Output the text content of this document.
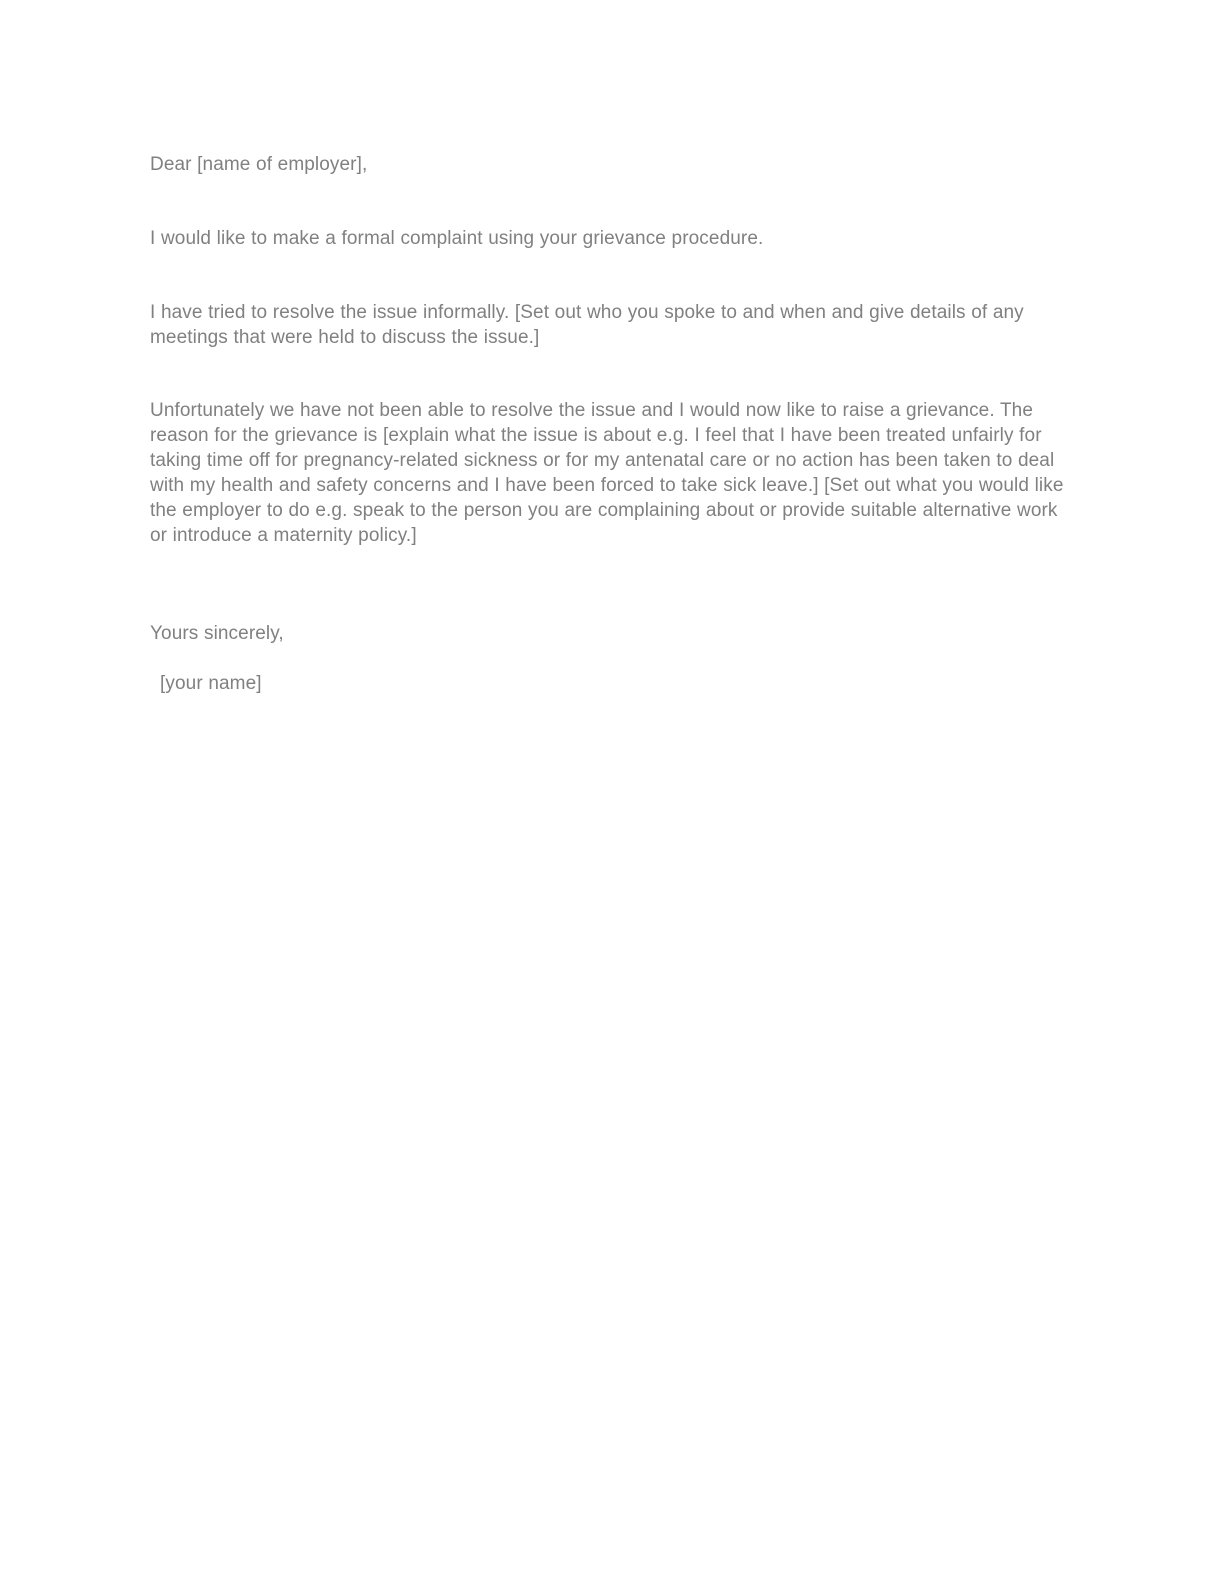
Dear [name of employer],

I would like to make a formal complaint using your grievance procedure.

I have tried to resolve the issue informally. [Set out who you spoke to and when and give details of any meetings that were held to discuss the issue.]

Unfortunately we have not been able to resolve the issue and I would now like to raise a grievance. The reason for the grievance is [explain what the issue is about e.g. I feel that I have been treated unfairly for taking time off for pregnancy-related sickness or for my antenatal care or no action has been taken to deal with my health and safety concerns and I have been forced to take sick leave.] [Set out what you would like the employer to do e.g. speak to the person you are complaining about or provide suitable alternative work or introduce a maternity policy.]

Yours sincerely,

[your name]
